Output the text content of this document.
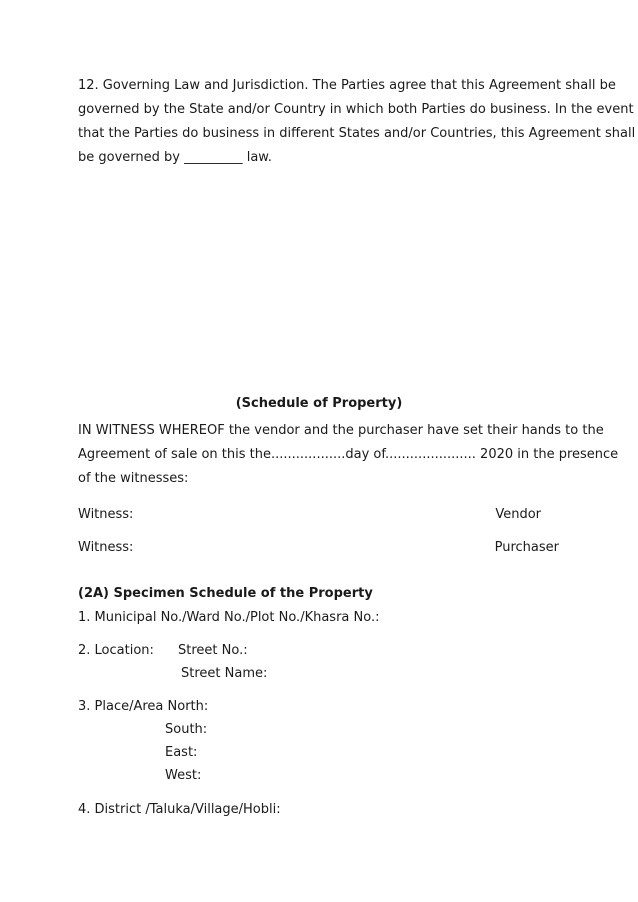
12. Governing Law and Jurisdiction. The Parties agree that this Agreement shall be
governed by the State and/or Country in which both Parties do business. In the event
that the Parties do business in different States and/or Countries, this Agreement shall
be governed by _________ law.

(Schedule of Property)

IN WITNESS WHEREOF the vendor and the purchaser have set their hands to the
Agreement of sale on this the..................day of...................... 2020 in the presence
of the witnesses:

Witness:	Vendor
Witness:	Purchaser
(2A) Specimen Schedule of the Property
1. Municipal No./Ward No./Plot No./Khasra No.:
2. Location: Street No.:
Street Name:
3. Place/Area North:
South:
East:
West:
4. District /Taluka/Village/Hobli:
